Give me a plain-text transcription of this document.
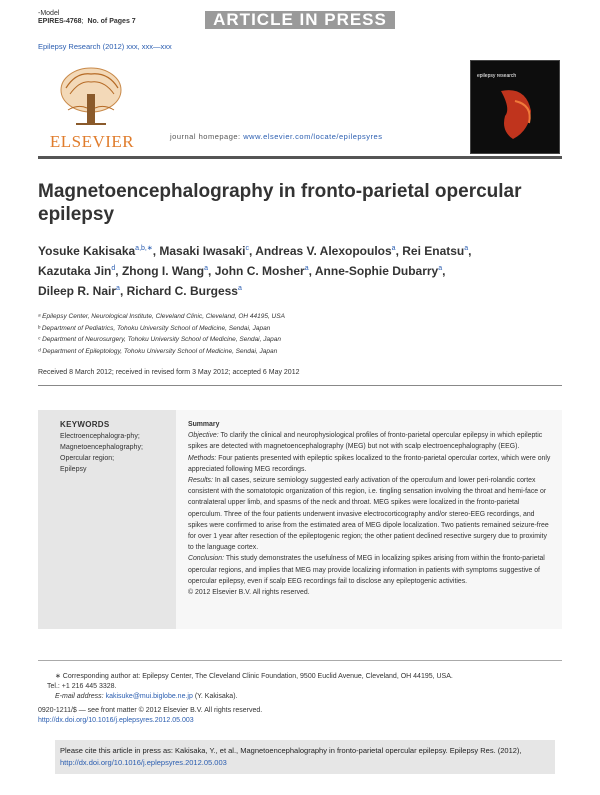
-Model
EPIRES-4768;  No. of Pages 7	ARTICLE IN PRESS
Epilepsy Research (2012) xxx, xxx—xxx
ELSEVIER	journal homepage: www.elsevier.com/locate/epilepsyres
epilepsy research
Magnetoencephalography in fronto-parietal opercular epilepsy
Yosuke Kakisaka$^{a,b,∗}$, Masaki Iwasaki$^c$, Andreas V. Alexopoulos$^a$, Rei Enatsu$^a$,
Kazutaka Jin$^d$, Zhong I. Wang$^a$, John C. Mosher$^a$, Anne-Sophie Dubarry$^a$,
Dileep R. Nair$^a$, Richard C. Burgess$^a$
ᵃ Epilepsy Center, Neurological Institute, Cleveland Clinic, Cleveland, OH 44195, USA
ᵇ Department of Pediatrics, Tohoku University School of Medicine, Sendai, Japan
ᶜ Department of Neurosurgery, Tohoku University School of Medicine, Sendai, Japan
ᵈ Department of Epileptology, Tohoku University School of Medicine, Sendai, Japan
Received 8 March 2012; received in revised form 3 May 2012; accepted 6 May 2012
KEYWORDS
Electroencephalogra-phy;
Magnetoencephalography;
Opercular region;
Epilepsy
Summary
Objective: To clarify the clinical and neurophysiological profiles of fronto-parietal opercular epilepsy in which epileptic spikes are detected with magnetoencephalography (MEG) but not with scalp electroencephalography (EEG).
Methods: Four patients presented with epileptic spikes localized to the fronto-parietal opercular cortex, which were only appreciated following MEG recordings.
Results: In all cases, seizure semiology suggested early activation of the operculum and lower peri-rolandic cortex consistent with the somatotopic organization of this region, i.e. tingling sensation involving the throat and hemi-face or contralateral upper limb, and spasms of the neck and throat. MEG spikes were localized in the fronto-parietal operculum. Three of the four patients underwent invasive electrocorticography and/or stereo-EEG recordings, and spikes were confirmed to arise from the estimated area of MEG dipole localization. Two patients remained seizure-free for over 1 year after resection of the epileptogenic region; the other patient declined resective surgery due to proximity to the language cortex.
Conclusion: This study demonstrates the usefulness of MEG in localizing spikes arising from within the fronto-parietal opercular regions, and implies that MEG may provide localizing information in patients with symptoms suggestive of opercular epilepsy, even if scalp EEG recordings fail to disclose any epileptogenic activities.
© 2012 Elsevier B.V. All rights reserved.
∗ Corresponding author at: Epilepsy Center, The Cleveland Clinic Foundation, 9500 Euclid Avenue, Cleveland, OH 44195, USA.
Tel.: +1 216 445 3328.
E-mail address: kakisuke@mui.biglobe.ne.jp (Y. Kakisaka).
0920-1211/$ — see front matter © 2012 Elsevier B.V. All rights reserved.
http://dx.doi.org/10.1016/j.eplepsyres.2012.05.003
Please cite this article in press as: Kakisaka, Y., et al., Magnetoencephalography in fronto-parietal opercular epilepsy. Epilepsy Res. (2012), http://dx.doi.org/10.1016/j.eplepsyres.2012.05.003
